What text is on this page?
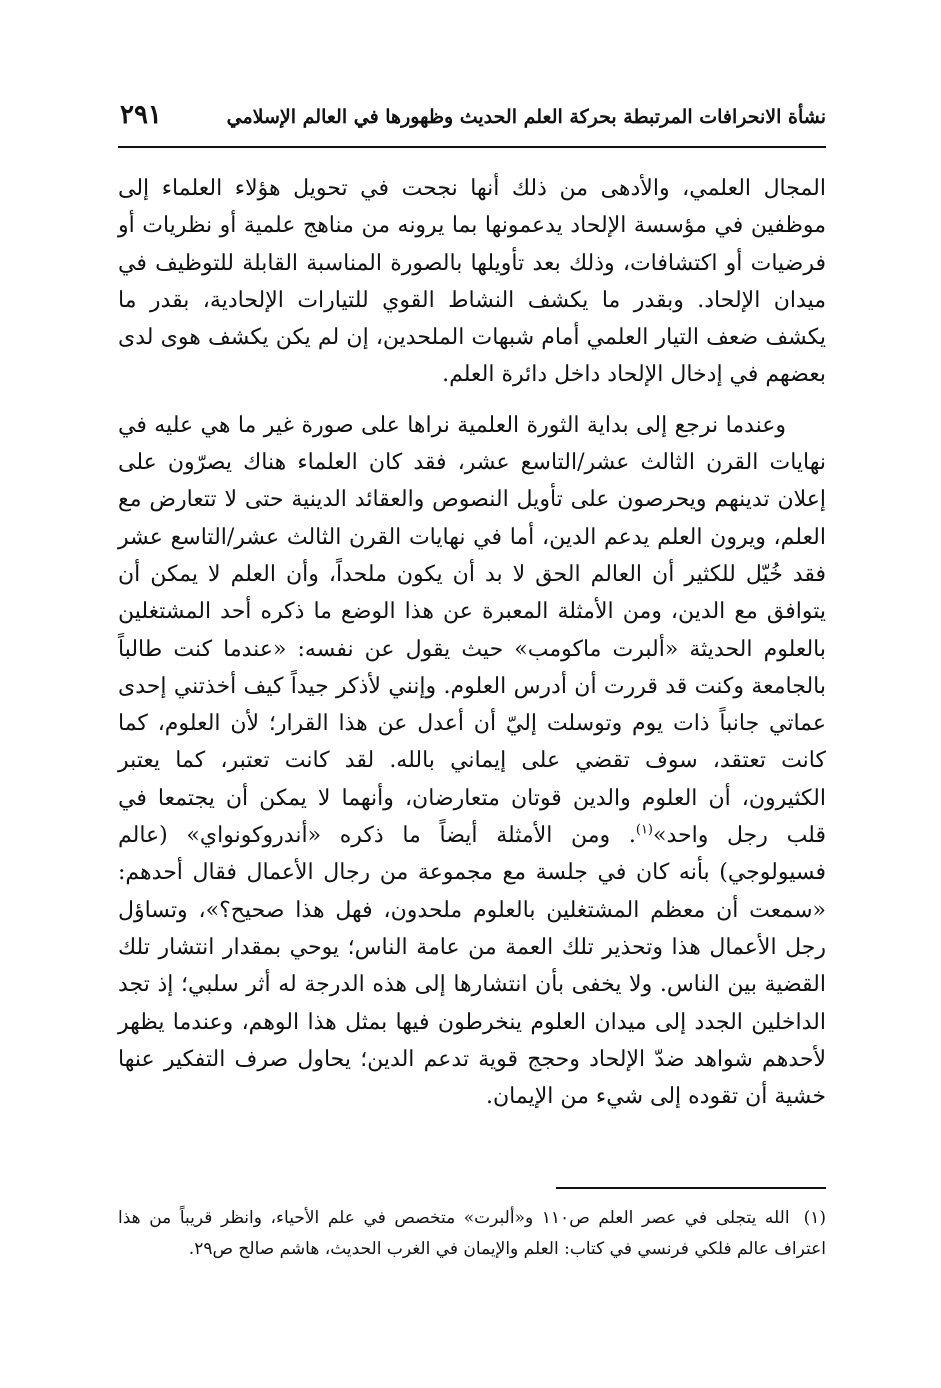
نشأة الانحرافات المرتبطة بحركة العلم الحديث وظهورها في العالم الإسلامي
٢٩١

المجال العلمي، والأدهى من ذلك أنها نجحت في تحويل هؤلاء العلماء إلى موظفين في مؤسسة الإلحاد يدعمونها بما يرونه من مناهج علمية أو نظريات أو فرضيات أو اكتشافات، وذلك بعد تأويلها بالصورة المناسبة القابلة للتوظيف في ميدان الإلحاد. وبقدر ما يكشف النشاط القوي للتيارات الإلحادية، بقدر ما يكشف ضعف التيار العلمي أمام شبهات الملحدين، إن لم يكن يكشف هوى لدى بعضهم في إدخال الإلحاد داخل دائرة العلم.

وعندما نرجع إلى بداية الثورة العلمية نراها على صورة غير ما هي عليه في نهايات القرن الثالث عشر/التاسع عشر، فقد كان العلماء هناك يصرّون على إعلان تدينهم ويحرصون على تأويل النصوص والعقائد الدينية حتى لا تتعارض مع العلم، ويرون العلم يدعم الدين، أما في نهايات القرن الثالث عشر/التاسع عشر فقد خُيّل للكثير أن العالم الحق لا بد أن يكون ملحداً، وأن العلم لا يمكن أن يتوافق مع الدين، ومن الأمثلة المعبرة عن هذا الوضع ما ذكره أحد المشتغلين بالعلوم الحديثة «ألبرت ماكومب» حيث يقول عن نفسه: «عندما كنت طالباً بالجامعة وكنت قد قررت أن أدرس العلوم. وإنني لأذكر جيداً كيف أخذتني إحدى عماتي جانباً ذات يوم وتوسلت إليّ أن أعدل عن هذا القرار؛ لأن العلوم، كما كانت تعتقد، سوف تقضي على إيماني بالله. لقد كانت تعتبر، كما يعتبر الكثيرون، أن العلوم والدين قوتان متعارضان، وأنهما لا يمكن أن يجتمعا في قلب رجل واحد»$^{(١)}$. ومن الأمثلة أيضاً ما ذكره «أندروكونواي» (عالم فسيولوجي) بأنه كان في جلسة مع مجموعة من رجال الأعمال فقال أحدهم: «سمعت أن معظم المشتغلين بالعلوم ملحدون، فهل هذا صحيح؟»، وتساؤل رجل الأعمال هذا وتحذير تلك العمة من عامة الناس؛ يوحي بمقدار انتشار تلك القضية بين الناس. ولا يخفى بأن انتشارها إلى هذه الدرجة له أثر سلبي؛ إذ تجد الداخلين الجدد إلى ميدان العلوم ينخرطون فيها بمثل هذا الوهم، وعندما يظهر لأحدهم شواهد ضدّ الإلحاد وحجج قوية تدعم الدين؛ يحاول صرف التفكير عنها خشية أن تقوده إلى شيء من الإيمان.

(١)الله يتجلى في عصر العلم ص١١٠ و«ألبرت» متخصص في علم الأحياء، وانظر قريباً من هذا اعتراف عالم فلكي فرنسي في كتاب: العلم والإيمان في الغرب الحديث، هاشم صالح ص٢٩.
